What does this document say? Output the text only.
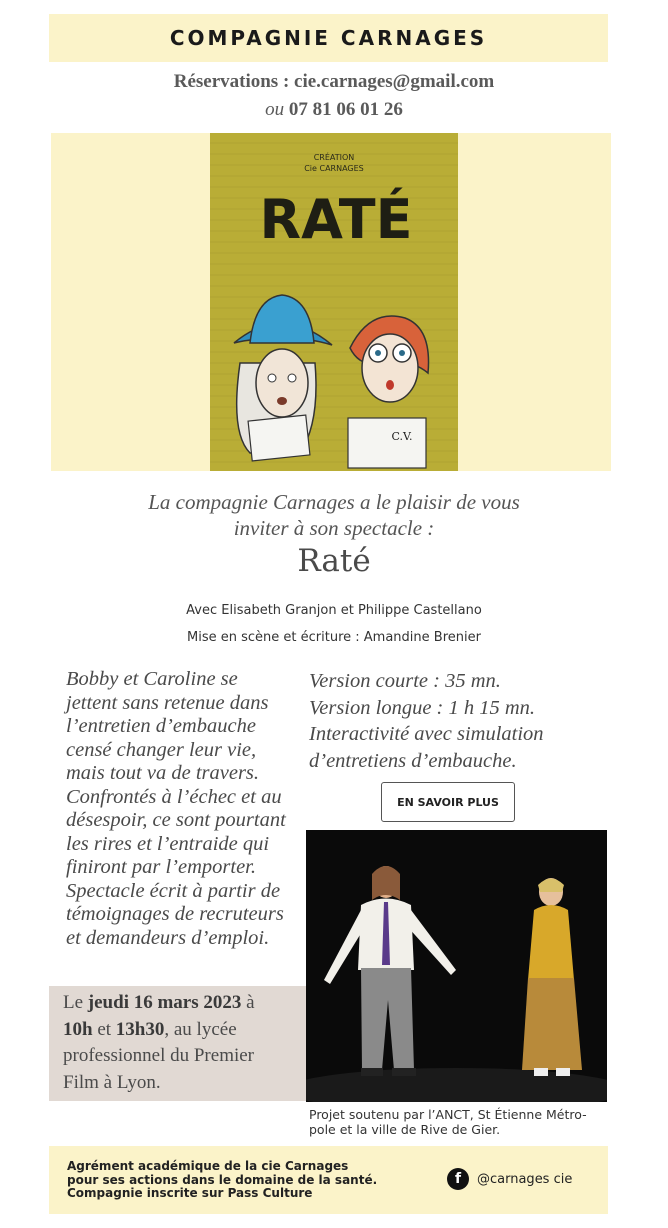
COMPAGNIE CARNAGES
Réservations : cie.carnages@gmail.com
ou 07 81 06 01 26
CRÉATION
Cie CARNAGES
RATÉ
C.V.
La compagnie Carnages a le plaisir de vous
inviter à son spectacle :
Raté
Avec Elisabeth Granjon et Philippe Castellano
Mise en scène et écriture : Amandine Brenier
Bobby et Caroline se
jettent sans retenue dans
l’entretien d’embauche
censé changer leur vie,
mais tout va de travers.
Confrontés à l’échec et au
désespoir, ce sont pourtant
les rires et l’entraide qui
finiront par l’emporter.
Spectacle écrit à partir de
témoignages de recruteurs
et demandeurs d’emploi.
Version courte : 35 mn.
Version longue : 1 h 15 mn.
Interactivité avec simulation
d’entretiens d’embauche.
EN SAVOIR PLUS
Le jeudi 16 mars 2023 à
10h et 13h30, au lycée
professionnel du Premier
Film à Lyon.
Projet soutenu par l’ANCT, St Étienne Métro-
pole et la ville de Rive de Gier.
Agrément académique de la cie Carnages
pour ses actions dans le domaine de la santé.
Compagnie inscrite sur Pass Culture
f	@carnages cie
